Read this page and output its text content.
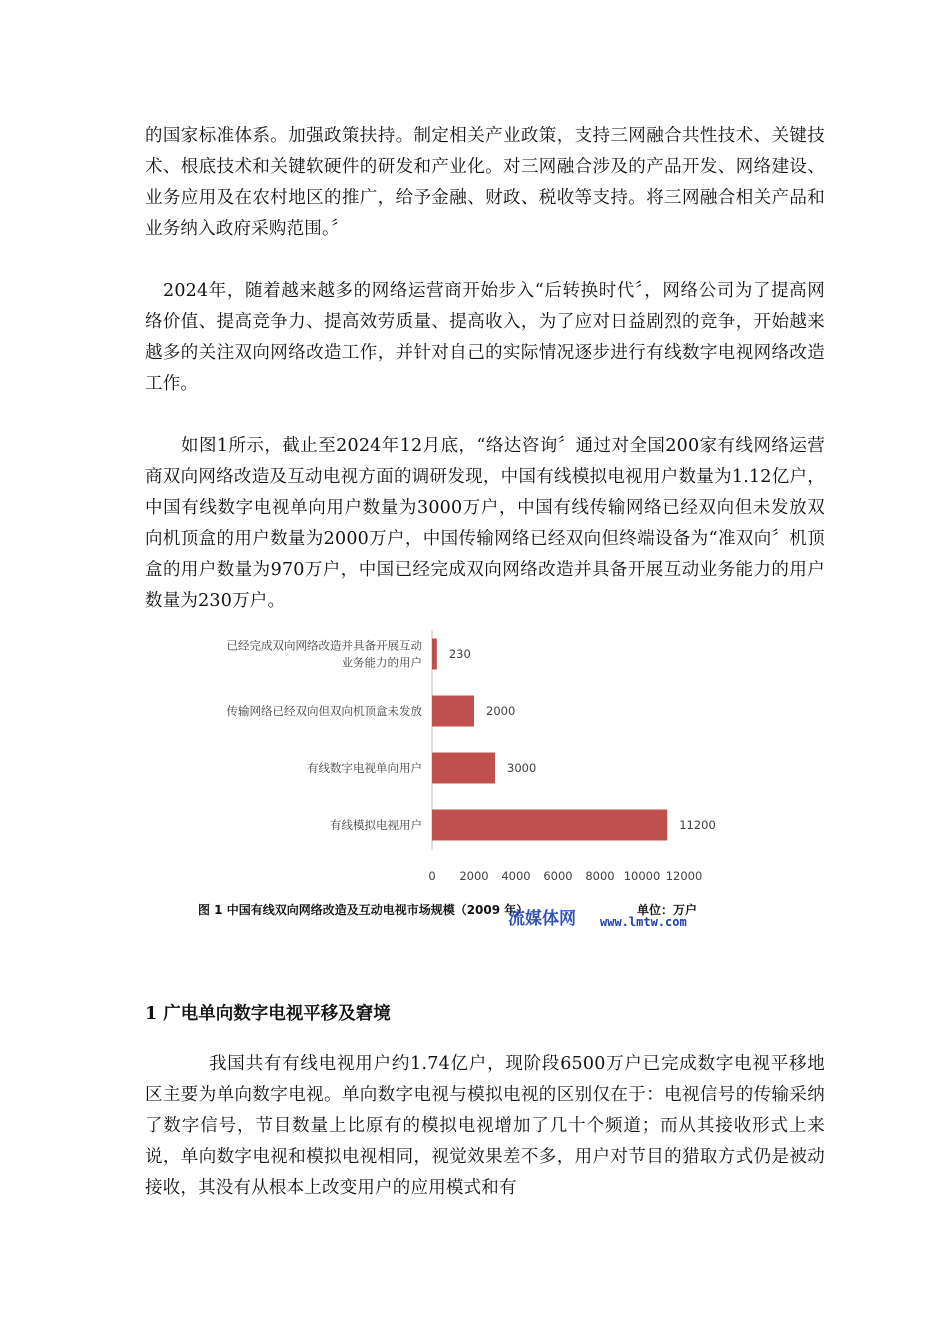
的国家标准体系。加强政策扶持。制定相关产业政策，支持三网融合共性技术、关键技术、根底技术和关键软硬件的研发和产业化。对三网融合涉及的产品开发、网络建设、业务应用及在农村地区的推广，给予金融、财政、税收等支持。将三网融合相关产品和业务纳入政府采购范围。〞

2024年，随着越来越多的网络运营商开始步入“后转换时代〞，网络公司为了提高网络价值、提高竞争力、提高效劳质量、提高收入，为了应对日益剧烈的竞争，开始越来越多的关注双向网络改造工作，并针对自己的实际情况逐步进行有线数字电视网络改造工作。

如图1所示，截止至2024年12月底，“络达咨询〞通过对全国200家有线网络运营商双向网络改造及互动电视方面的调研发现，中国有线模拟电视用户数量为1.12亿户，中国有线数字电视单向用户数量为3000万户，中国有线传输网络已经双向但未发放双向机顶盒的用户数量为2000万户，中国传输网络已经双向但终端设备为“准双向〞机顶盒的用户数量为970万户，中国已经完成双向网络改造并具备开展互动业务能力的用户数量为230万户。

已经完成双向网络改造并具备开展互动
业务能力的用户
230
传输网络已经双向但双向机顶盒未发放	2000
有线数字电视单向用户	3000
有线模拟电视用户	11200
0 2000 4000 6000 8000 10000 12000
图 1 中国有线双向网络改造及互动电视市场规模（2009 年）	单位：万户
流媒体网 www.lmtw.com
1 广电单向数字电视平移及窘境

我国共有有线电视用户约1.74亿户，现阶段6500万户已完成数字电视平移地区主要为单向数字电视。单向数字电视与模拟电视的区别仅在于：电视信号的传输采纳了数字信号，节目数量上比原有的模拟电视增加了几十个频道；而从其接收形式上来说，单向数字电视和模拟电视相同，视觉效果差不多，用户对节目的猎取方式仍是被动接收，其没有从根本上改变用户的应用模式和有
